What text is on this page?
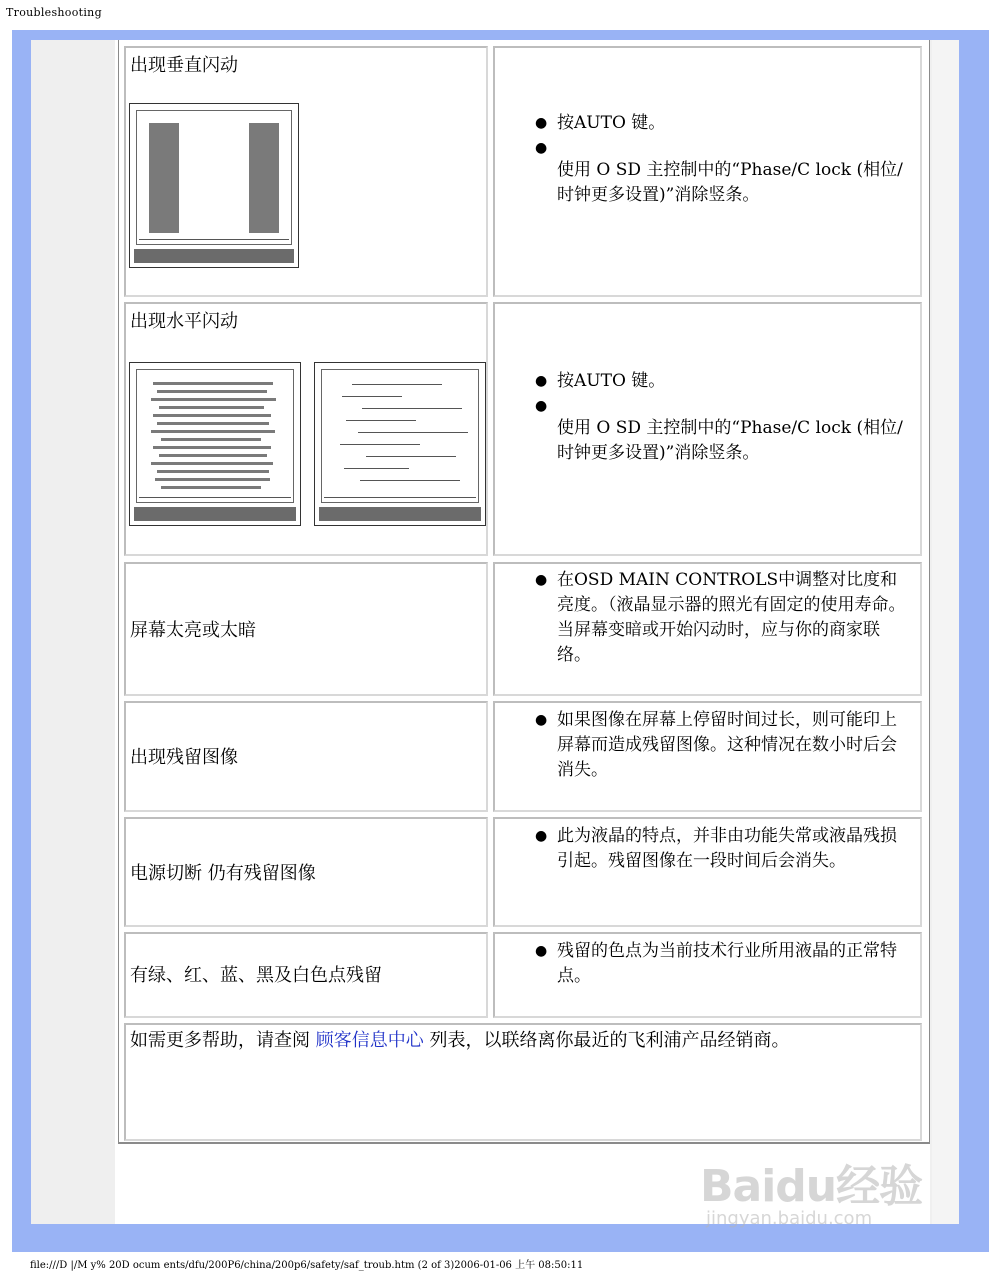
Troubleshooting
出现垂直闪动
● 按AUTO 键。
●
使用 O SD 主控制中的“Phase/C lock (相位/时钟更多设置)”消除竖条。
出现水平闪动
● 按AUTO 键。
●
使用 O SD 主控制中的“Phase/C lock (相位/时钟更多设置)”消除竖条。
屏幕太亮或太暗
● 在OSD MAIN CONTROLS中调整对比度和亮度。（液晶显示器的照光有固定的使用寿命。当屏幕变暗或开始闪动时，应与你的商家联络。
出现残留图像
● 如果图像在屏幕上停留时间过长，则可能印上屏幕而造成残留图像。这种情况在数小时后会消失。
电源切断 仍有残留图像
● 此为液晶的特点，并非由功能失常或液晶残损引起。残留图像在一段时间后会消失。
有绿、红、蓝、黑及白色点残留
● 残留的色点为当前技术行业所用液晶的正常特点。
如需更多帮助，请查阅 顾客信息中心 列表，以联络离你最近的飞利浦产品经销商。
Baidu经验
jingyan.baidu.com
file:///D |/M y% 20D ocum ents/dfu/200P6/china/200p6/safety/saf_troub.htm (2 of 3)2006-01-06 上午 08:50:11
